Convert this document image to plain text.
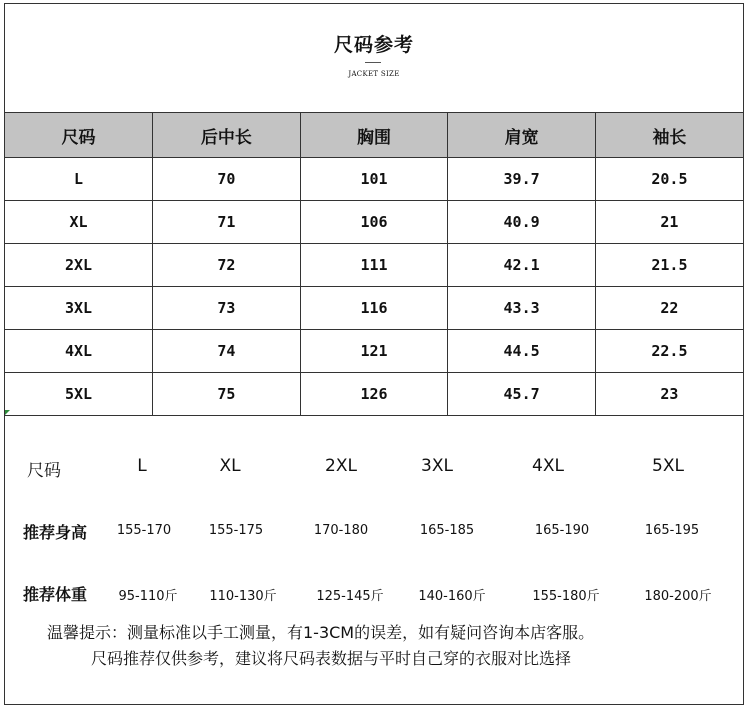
尺码参考
JACKET SIZE
尺码	后中长	胸围	肩宽	袖长
L	70	101	39.7	20.5
XL	71	106	40.9	21
2XL	72	111	42.1	21.5
3XL	73	116	43.3	22
4XL	74	121	44.5	22.5
5XL	75	126	45.7	23
尺码	L	XL	2XL	3XL	4XL	5XL
推荐身高 155-170	155-175	170-180	165-185	165-190	165-195
推荐体重 95-110斤 110-130斤	125-145斤	140-160斤	155-180斤	180-200斤
温馨提示：测量标准以手工测量，有1-3CM的误差，如有疑问咨询本店客服。
尺码推荐仅供参考，建议将尺码表数据与平时自己穿的衣服对比选择
